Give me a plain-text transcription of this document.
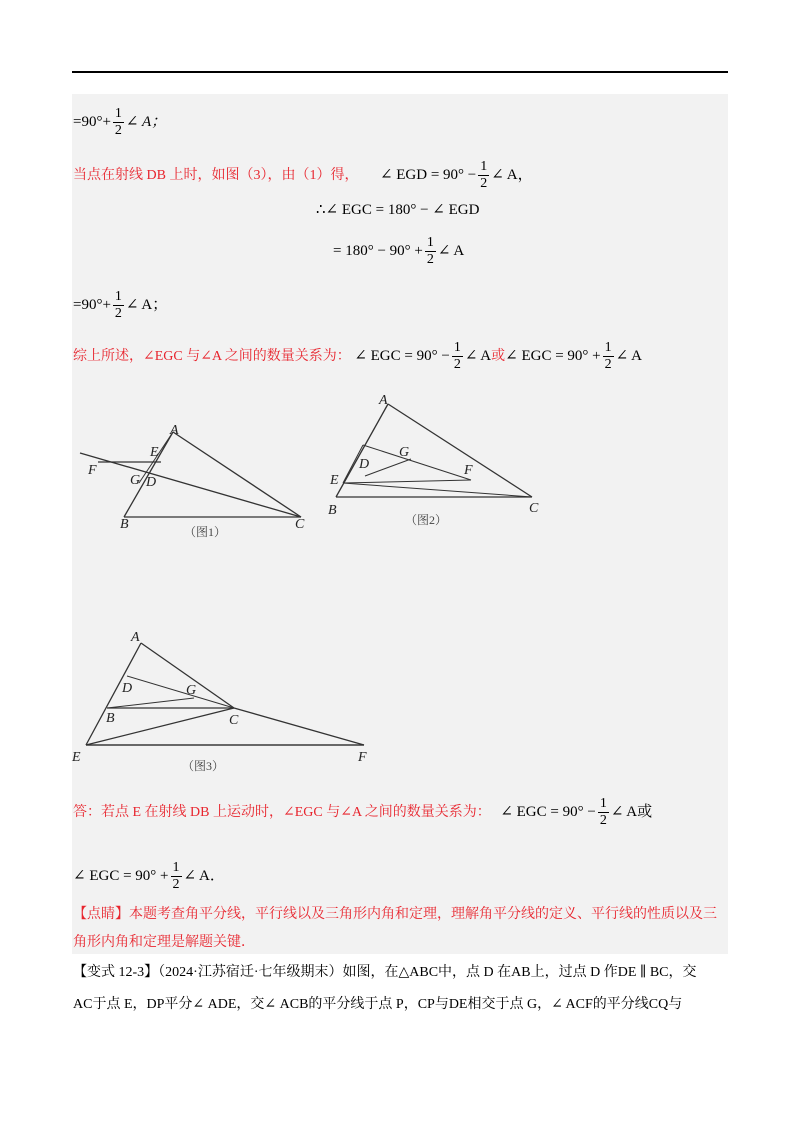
$=90^\circ+ \frac{1}{2}$ ∠ A；
当点在射线 DB 上时，如图（3），由（1）得， ∠ EGD = $90^\circ - \frac{1}{2}$ ∠ A，
∴∠ EGC = 180° − ∠ EGD
= $180^\circ - 90^\circ + \frac{1}{2}$ ∠ A
$=90^\circ+ \frac{1}{2}$ ∠ A；
综上所述，∠EGC 与∠A 之间的数量关系为： ∠ EGC = $90^\circ - \frac{1}{2}$ ∠ A或∠ EGC = $90^\circ + \frac{1}{2}$ ∠ A
A
E
F
G D
B	C
（图1）
A
G
D	F
E
B	C
（图2）
A
D	G
B	C
E	F
（图3）
答：若点 E 在射线 DB 上运动时，∠EGC 与∠A 之间的数量关系为： ∠ EGC = $90^\circ - \frac{1}{2}$ ∠ A或
∠ EGC = $90^\circ + \frac{1}{2}$ ∠ A．
【点睛】本题考查角平分线，平行线以及三角形内角和定理，理解角平分线的定义、平行线的性质以及三
角形内角和定理是解题关键．
【变式 12-3】（2024·江苏宿迁·七年级期末）如图，在△ABC中，点 D 在AB上，过点 D 作DE ∥ BC，交
AC于点 E，DP平分∠ ADE，交∠ ACB的平分线于点 P，CP与DE相交于点 G，∠ ACF的平分线CQ与
